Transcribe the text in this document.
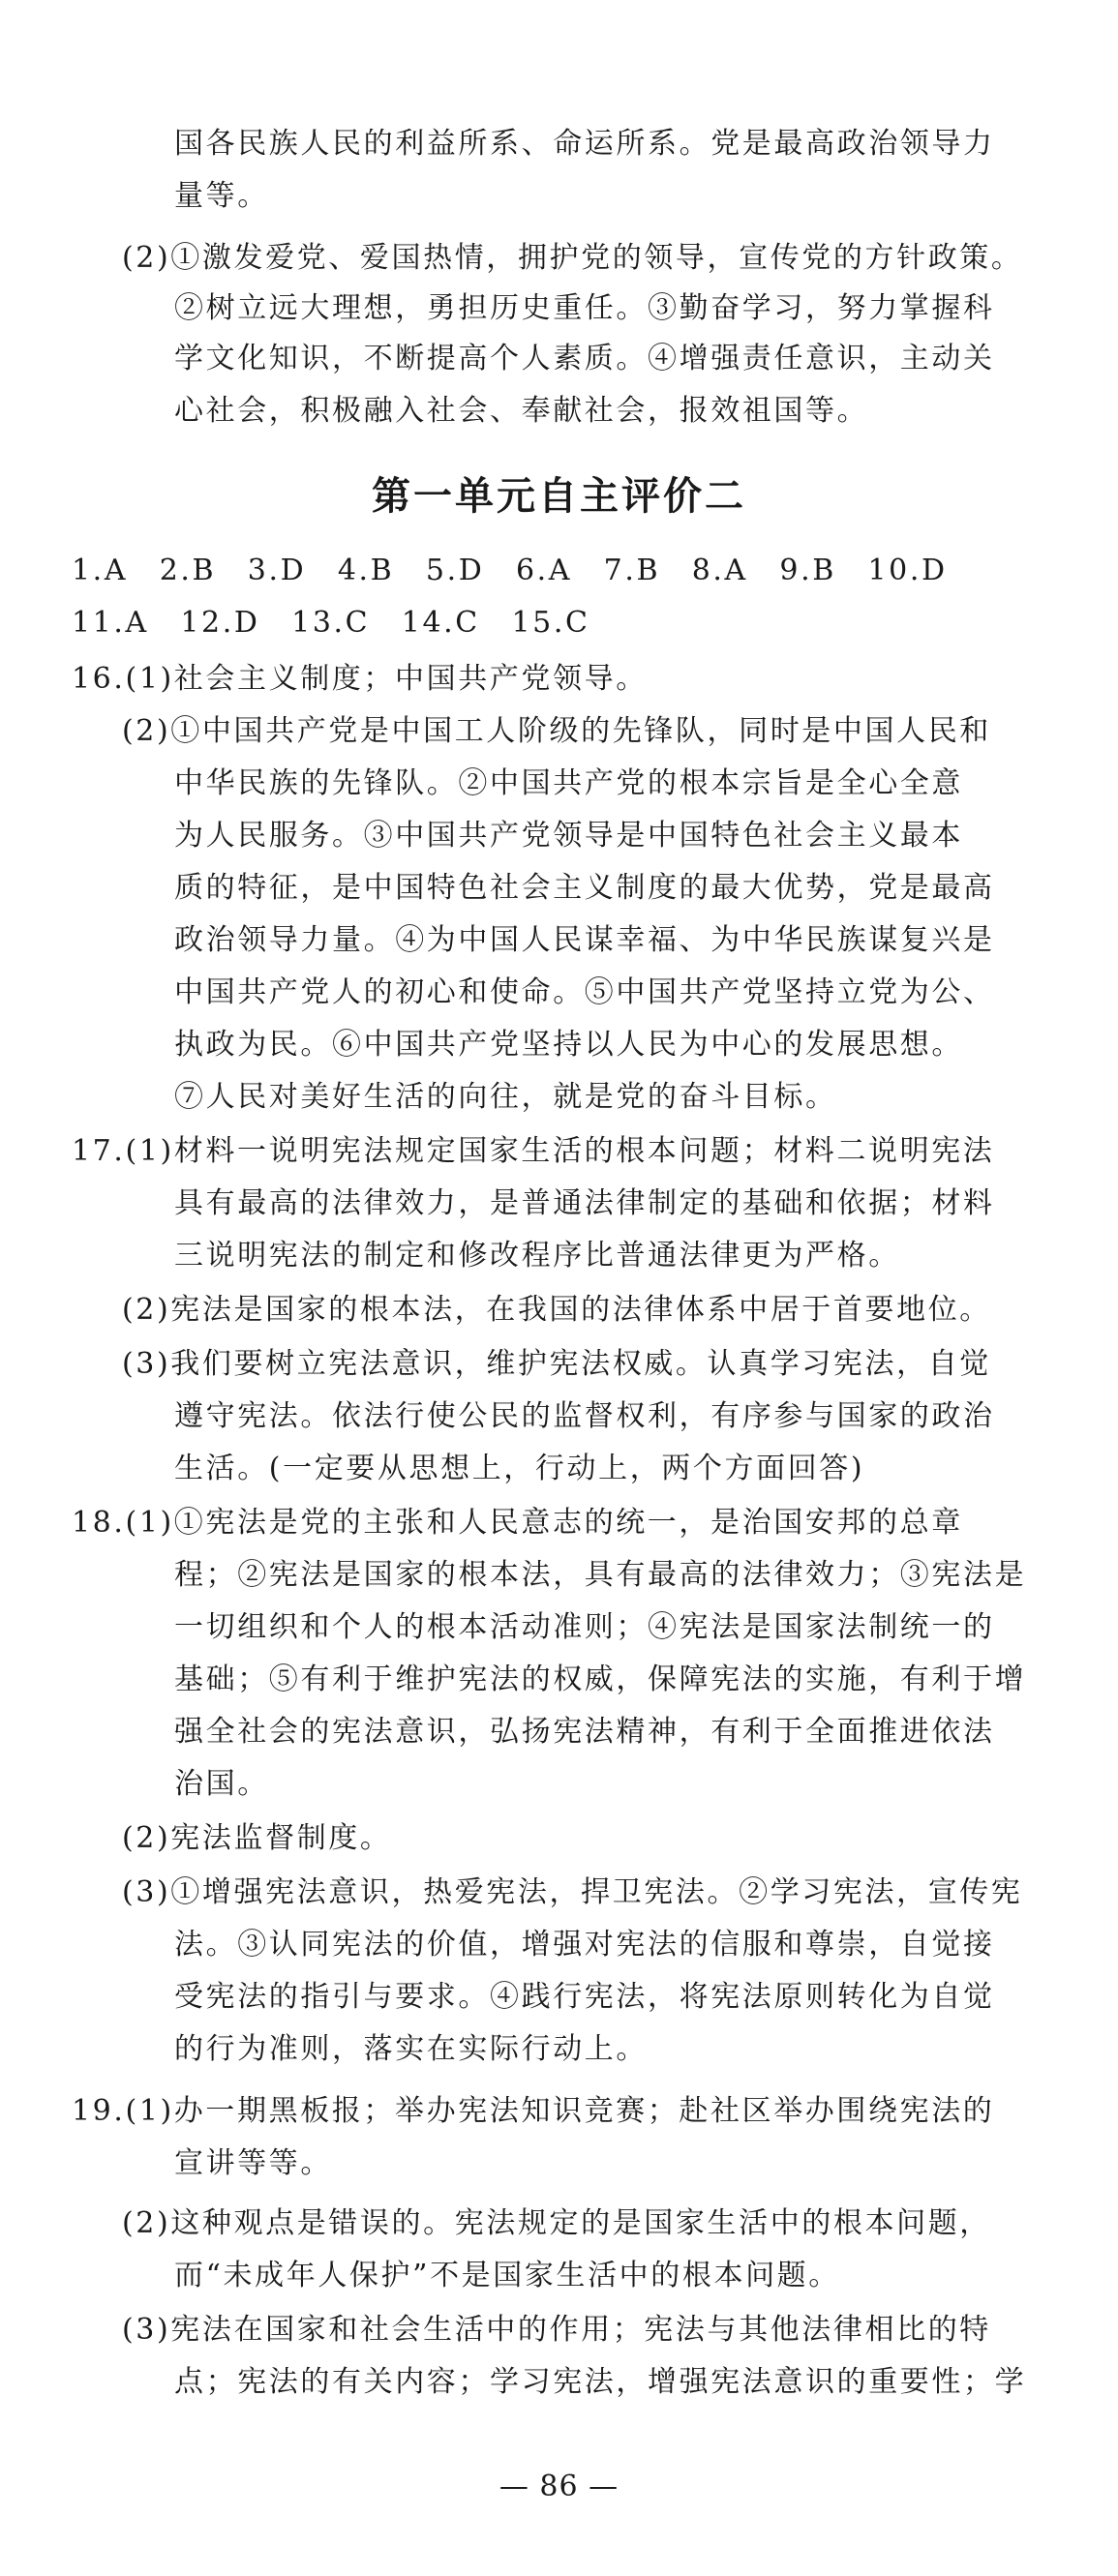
国各民族人民的利益所系、命运所系。党是最高政治领导力
量等。
(2)①激发爱党、爱国热情，拥护党的领导，宣传党的方针政策。
②树立远大理想，勇担历史重任。③勤奋学习，努力掌握科
学文化知识，不断提高个人素质。④增强责任意识，主动关
心社会，积极融入社会、奉献社会，报效祖国等。
第一单元自主评价二
1.A　2.B　3.D　4.B　5.D　6.A　7.B　8.A　9.B　10.D
11.A　12.D　13.C　14.C　15.C
16.(1)社会主义制度；中国共产党领导。
(2)①中国共产党是中国工人阶级的先锋队，同时是中国人民和
中华民族的先锋队。②中国共产党的根本宗旨是全心全意
为人民服务。③中国共产党领导是中国特色社会主义最本
质的特征，是中国特色社会主义制度的最大优势，党是最高
政治领导力量。④为中国人民谋幸福、为中华民族谋复兴是
中国共产党人的初心和使命。⑤中国共产党坚持立党为公、
执政为民。⑥中国共产党坚持以人民为中心的发展思想。
⑦人民对美好生活的向往，就是党的奋斗目标。
17.(1)材料一说明宪法规定国家生活的根本问题；材料二说明宪法
具有最高的法律效力，是普通法律制定的基础和依据；材料
三说明宪法的制定和修改程序比普通法律更为严格。
(2)宪法是国家的根本法，在我国的法律体系中居于首要地位。
(3)我们要树立宪法意识，维护宪法权威。认真学习宪法，自觉
遵守宪法。依法行使公民的监督权利，有序参与国家的政治
生活。(一定要从思想上，行动上，两个方面回答)
18.(1)①宪法是党的主张和人民意志的统一，是治国安邦的总章
程；②宪法是国家的根本法，具有最高的法律效力；③宪法是
一切组织和个人的根本活动准则；④宪法是国家法制统一的
基础；⑤有利于维护宪法的权威，保障宪法的实施，有利于增
强全社会的宪法意识，弘扬宪法精神，有利于全面推进依法
治国。
(2)宪法监督制度。
(3)①增强宪法意识，热爱宪法，捍卫宪法。②学习宪法，宣传宪
法。③认同宪法的价值，增强对宪法的信服和尊崇，自觉接
受宪法的指引与要求。④践行宪法，将宪法原则转化为自觉
的行为准则，落实在实际行动上。
19.(1)办一期黑板报；举办宪法知识竞赛；赴社区举办围绕宪法的
宣讲等等。
(2)这种观点是错误的。宪法规定的是国家生活中的根本问题，
而“未成年人保护”不是国家生活中的根本问题。
(3)宪法在国家和社会生活中的作用；宪法与其他法律相比的特
点；宪法的有关内容；学习宪法，增强宪法意识的重要性；学
— 86 —
